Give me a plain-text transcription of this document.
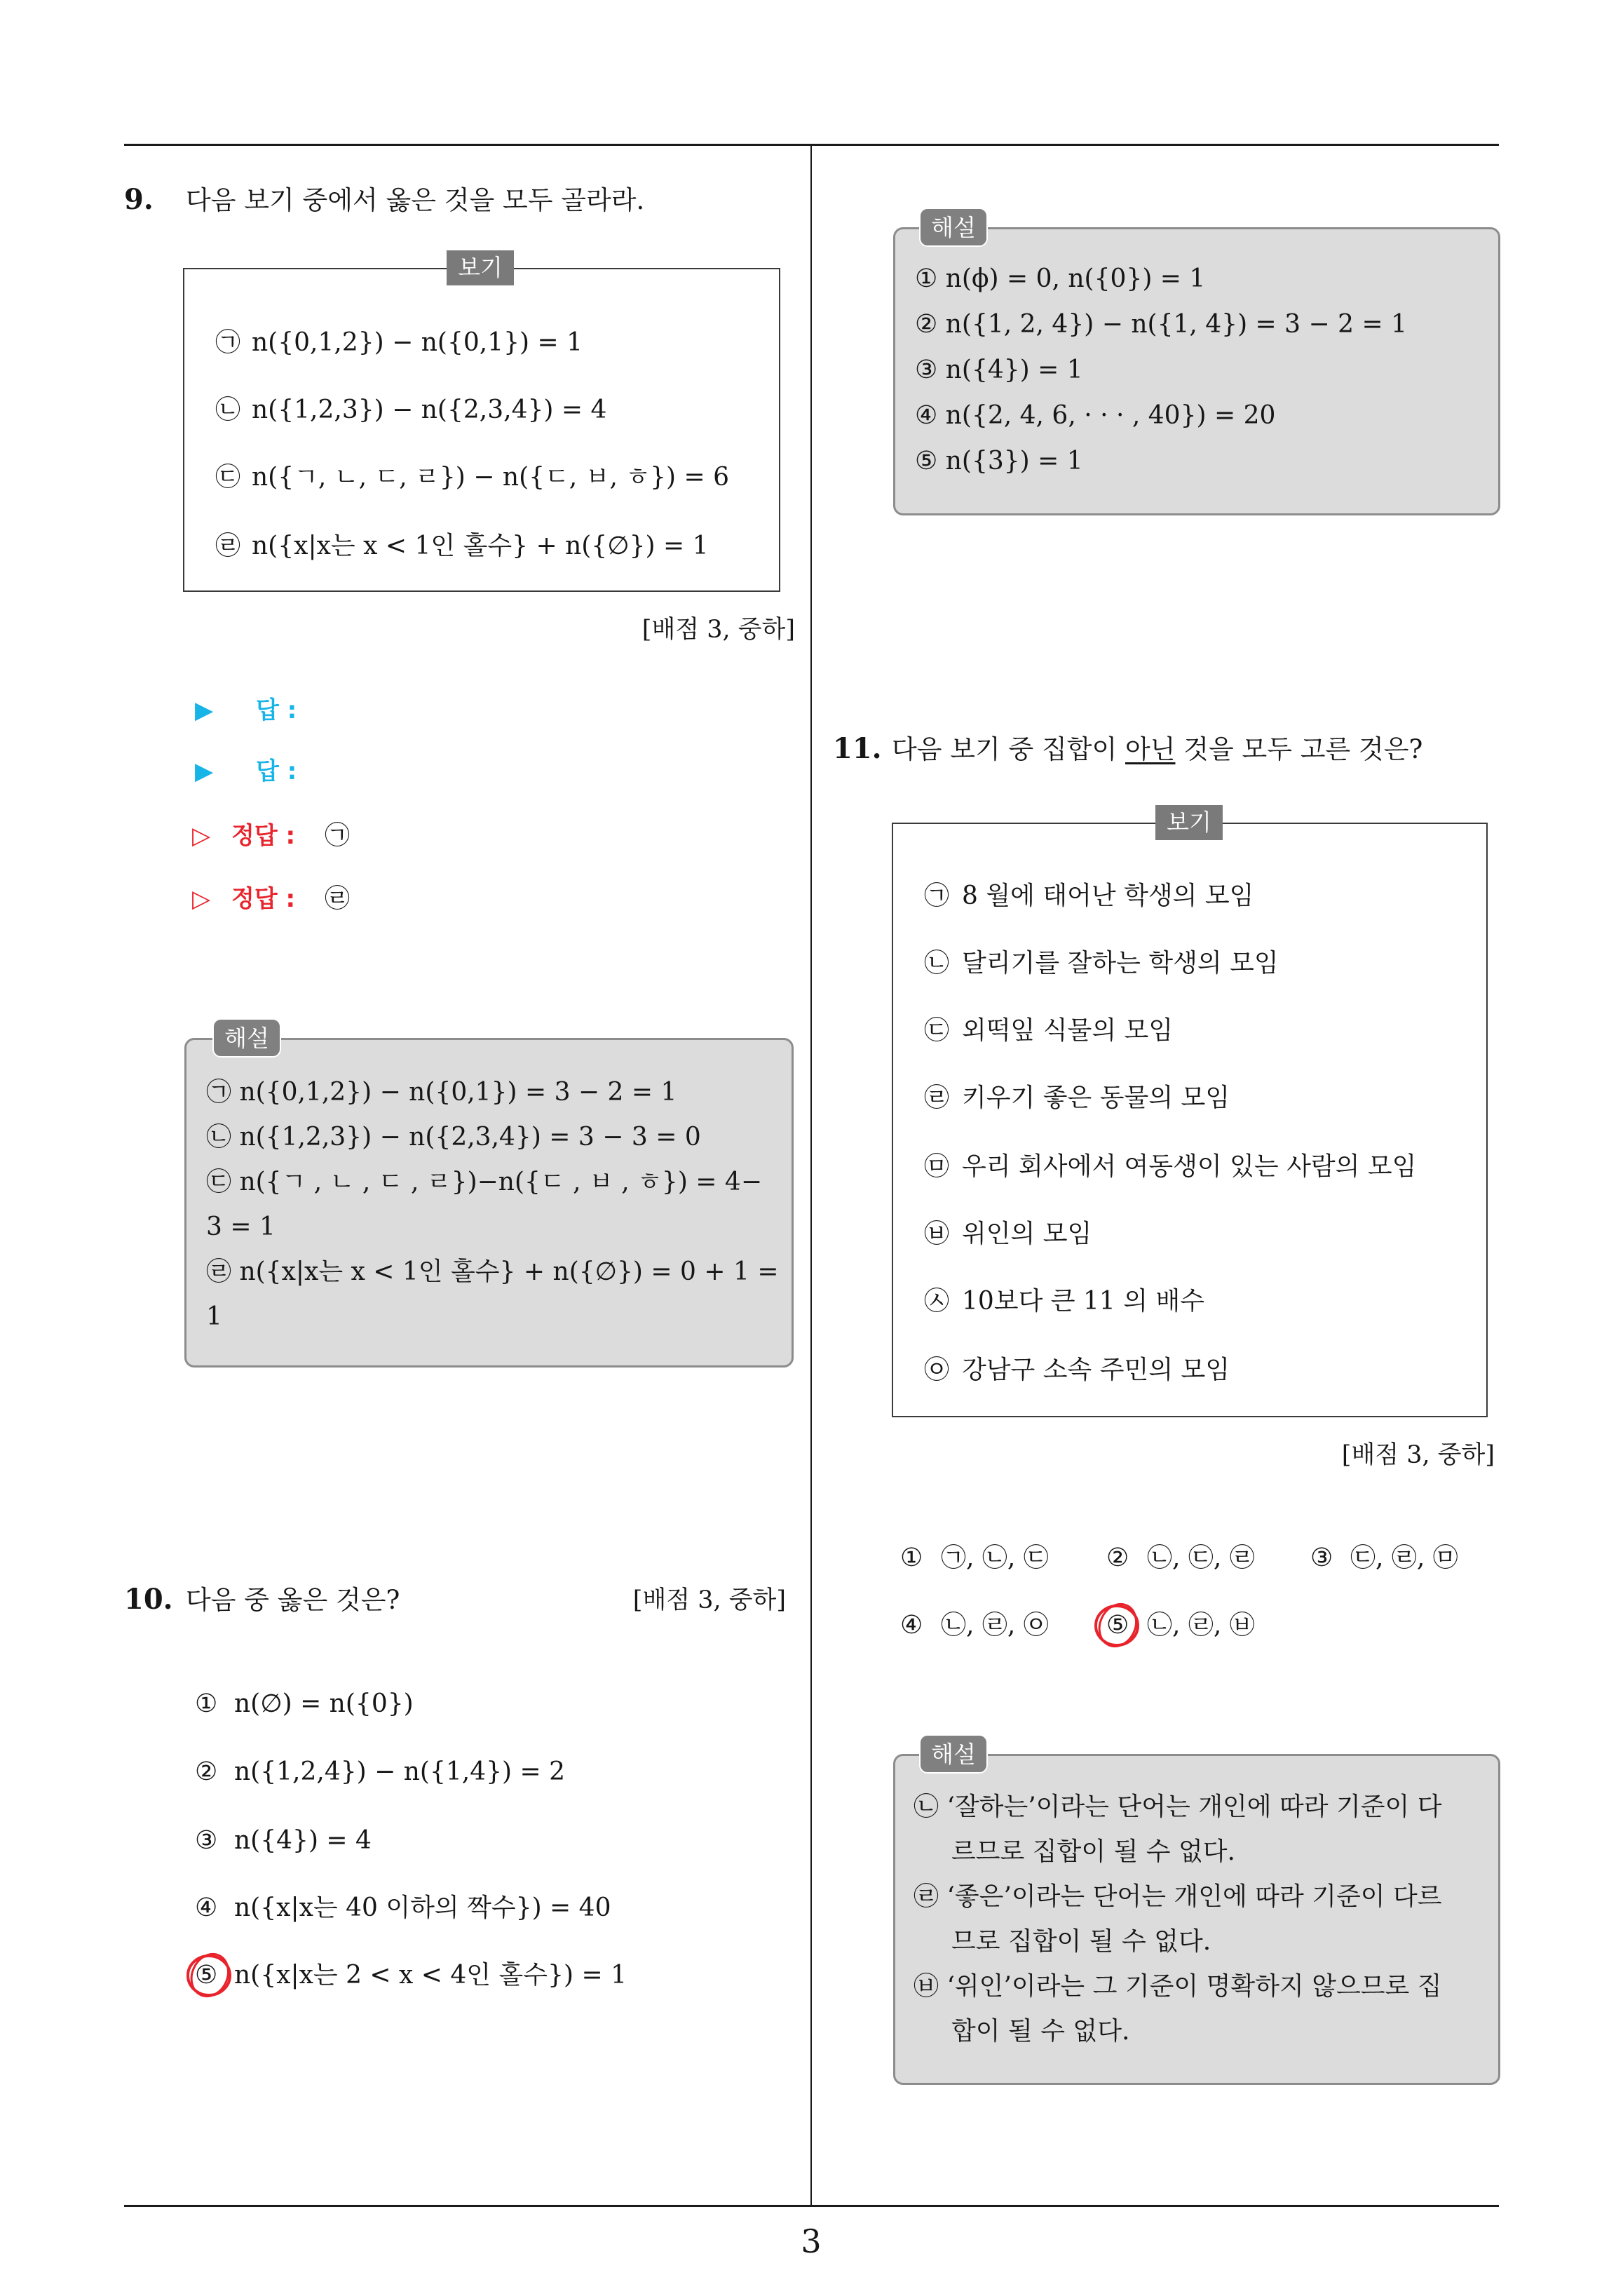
9. 다음 보기 중에서 옳은 것을 모두 골라라.
㉠ n({0,1,2}) − n({0,1}) = 1
㉡ n({1,2,3}) − n({2,3,4}) = 4
㉢ n({ㄱ, ㄴ, ㄷ, ㄹ}) − n({ㄷ, ㅂ, ㅎ}) = 6
㉣ n({x|x는 x < 1인 홀수} + n({∅}) = 1
보기
[배점 3, 중하]
▶ 답 :
▶ 답 :
▷ 정답 : ㉠
▷ 정답 : ㉣
㉠ n({0,1,2}) − n({0,1}) = 3 − 2 = 1
㉡ n({1,2,3}) − n({2,3,4}) = 3 − 3 = 0
㉢ n({ㄱ , ㄴ , ㄷ , ㄹ})−n({ㄷ , ㅂ , ㅎ}) = 4−
3 = 1
㉣ n({x|x는 x < 1인 홀수} + n({∅}) = 0 + 1 =
1
해설
10. 다음 중 옳은 것은?	[배점 3, 중하]
① n(∅) = n({0})
② n({1,2,4}) − n({1,4}) = 2
③ n({4}) = 4
④ n({x|x는 40 이하의 짝수}) = 40
⑤ n({x|x는 2 < x < 4인 홀수}) = 1
① n(ϕ) = 0, n({0}) = 1
② n({1, 2, 4}) − n({1, 4}) = 3 − 2 = 1
③ n({4}) = 1
④ n({2, 4, 6, · · · , 40}) = 20
⑤ n({3}) = 1
해설
11. 다음 보기 중 집합이 아닌 것을 모두 고른 것은?
㉠ 8 월에 태어난 학생의 모임
㉡ 달리기를 잘하는 학생의 모임
㉢ 외떡잎 식물의 모임
㉣ 키우기 좋은 동물의 모임
㉤ 우리 회사에서 여동생이 있는 사람의 모임
㉥ 위인의 모임
㉦ 10보다 큰 11 의 배수
㉧ 강남구 소속 주민의 모임
보기
[배점 3, 중하]
① ㉠, ㉡, ㉢ ② ㉡, ㉢, ㉣ ③ ㉢, ㉣, ㉤
④ ㉡, ㉣, ㉧ ⑤ ㉡, ㉣, ㉥
㉡ ‘잘하는’이라는 단어는 개인에 따라 기준이 다
르므로 집합이 될 수 없다.
㉣ ‘좋은’이라는 단어는 개인에 따라 기준이 다르
므로 집합이 될 수 없다.
㉥ ‘위인’이라는 그 기준이 명확하지 않으므로 집
합이 될 수 없다.
해설
3
